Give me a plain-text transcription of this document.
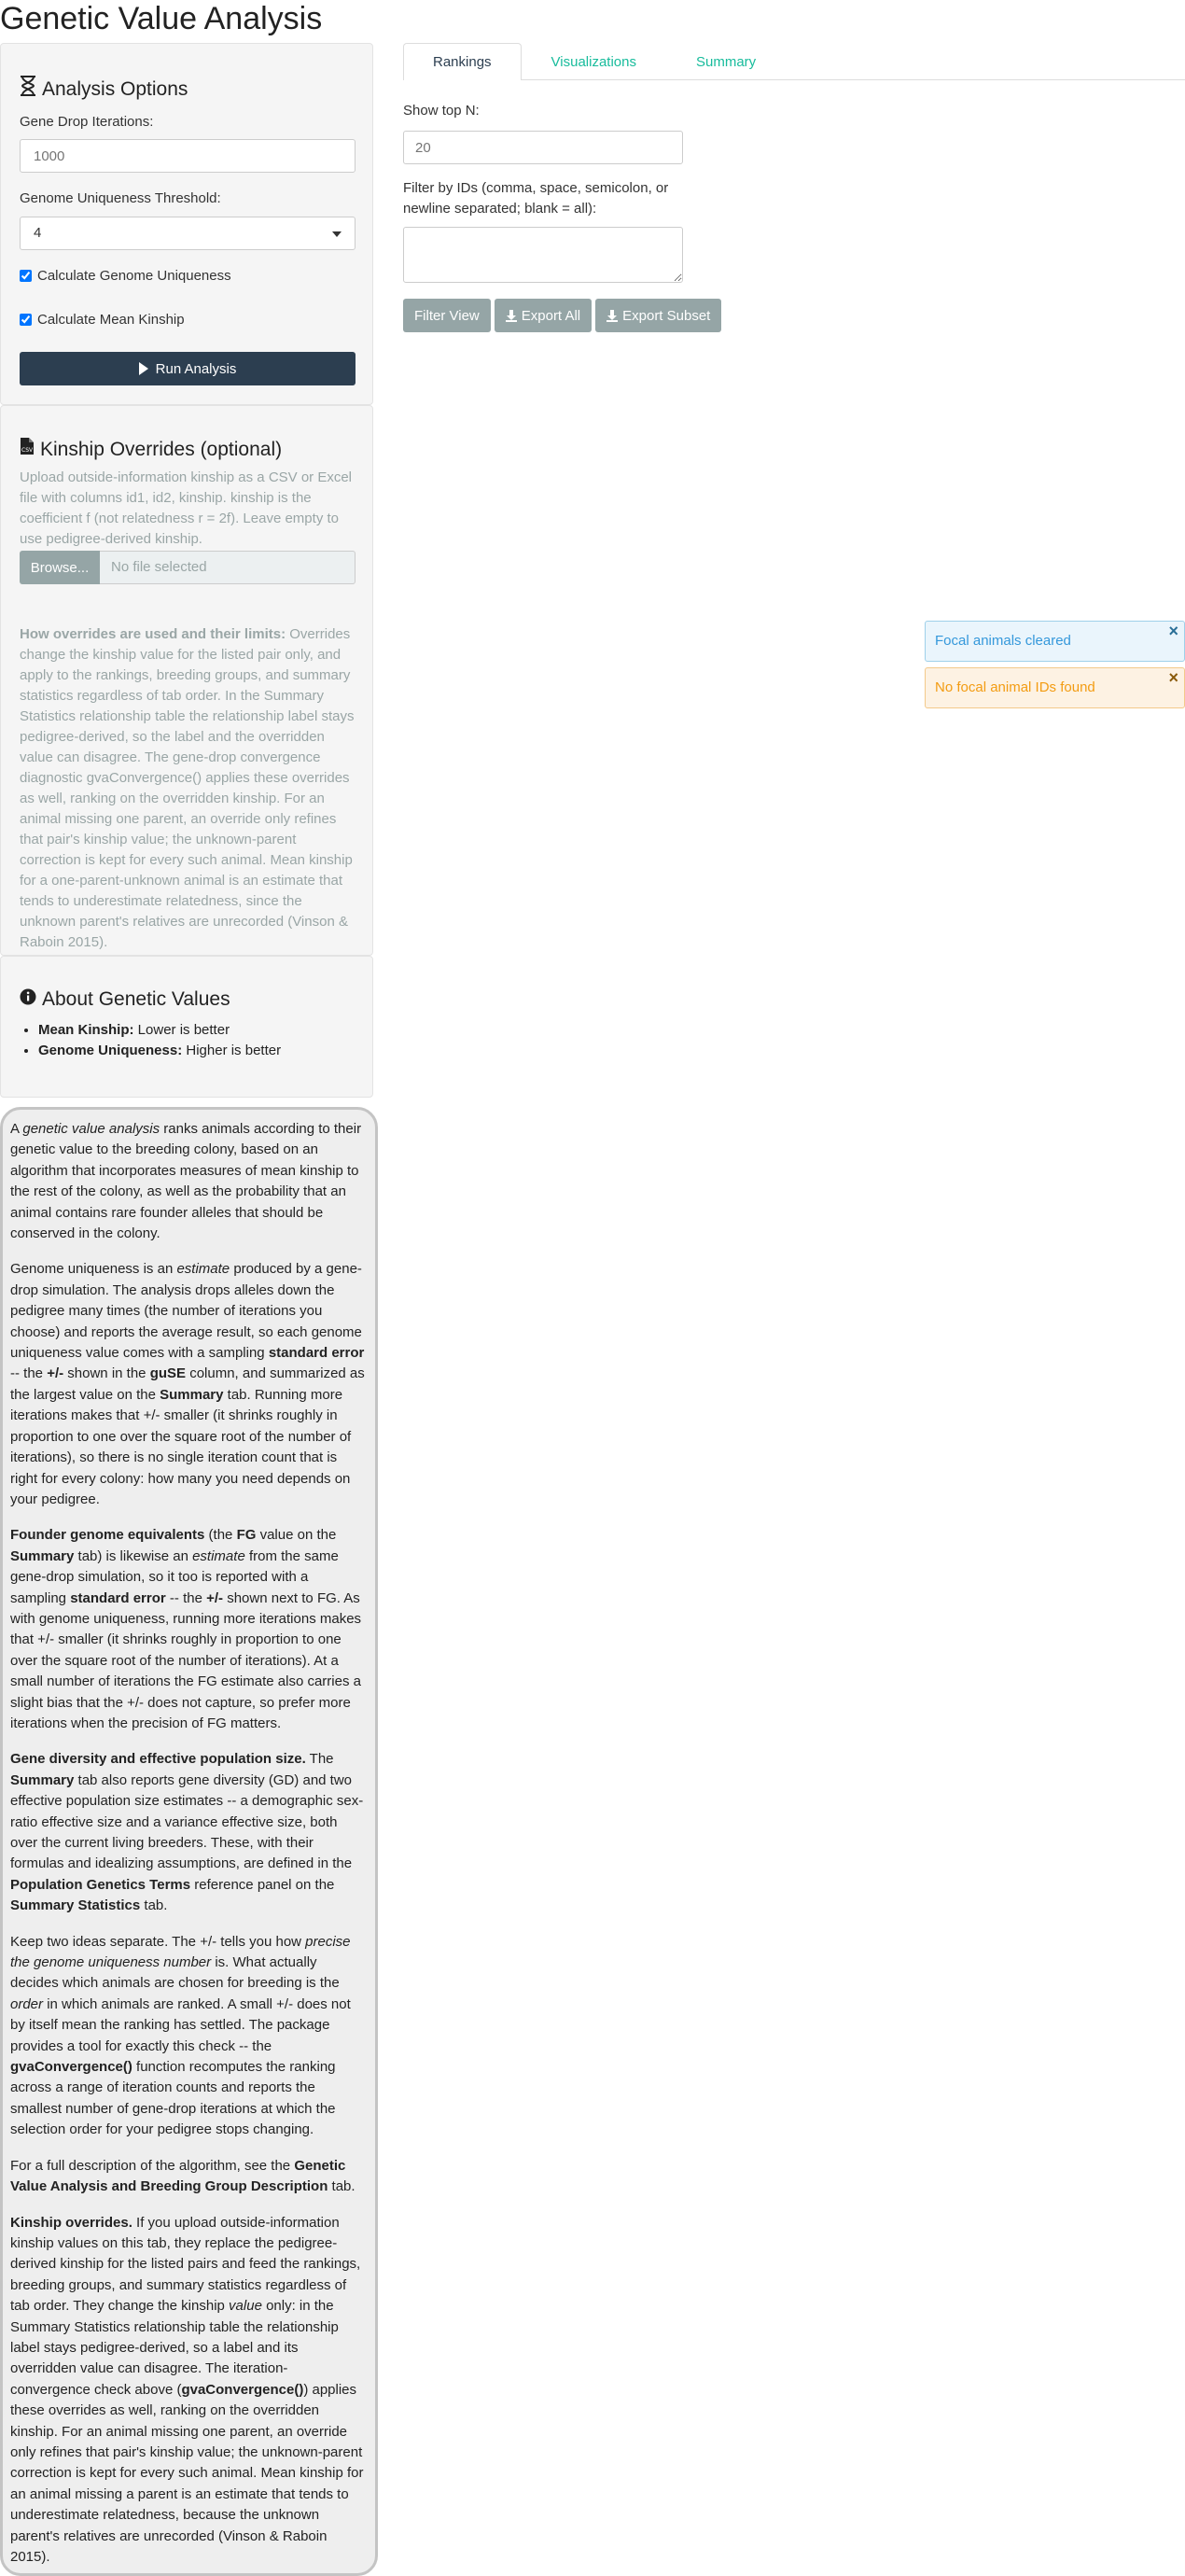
Genetic Value Analysis
Analysis Options
Gene Drop Iterations:
1000
Genome Uniqueness Threshold:
4
Calculate Genome Uniqueness
Calculate Mean Kinship
Run Analysis
CSV Kinship Overrides (optional)
Upload outside-information kinship as a CSV or Excel file with columns id1, id2, kinship. kinship is the coefficient f (not relatedness r = 2f). Leave empty to use pedigree-derived kinship.
Browse...	No file selected
How overrides are used and their limits: Overrides change the kinship value for the listed pair only, and apply to the rankings, breeding groups, and summary statistics regardless of tab order. In the Summary Statistics relationship table the relationship label stays pedigree-derived, so the label and the overridden value can disagree. The gene-drop convergence diagnostic gvaConvergence() applies these overrides as well, ranking on the overridden kinship. For an animal missing one parent, an override only refines that pair's kinship value; the unknown-parent correction is kept for every such animal. Mean kinship for a one-parent-unknown animal is an estimate that tends to underestimate relatedness, since the unknown parent's relatives are unrecorded (Vinson & Raboin 2015).
About Genetic Values
• Mean Kinship: Lower is better
• Genome Uniqueness: Higher is better

A genetic value analysis ranks animals according to their genetic value to the breeding colony, based on an algorithm that incorporates measures of mean kinship to the rest of the colony, as well as the probability that an animal contains rare founder alleles that should be conserved in the colony.

Genome uniqueness is an estimate produced by a gene-drop simulation. The analysis drops alleles down the pedigree many times (the number of iterations you choose) and reports the average result, so each genome uniqueness value comes with a sampling standard error -- the +/- shown in the guSE column, and summarized as the largest value on the Summary tab. Running more iterations makes that +/- smaller (it shrinks roughly in proportion to one over the square root of the number of iterations), so there is no single iteration count that is right for every colony: how many you need depends on your pedigree.

Founder genome equivalents (the FG value on the Summary tab) is likewise an estimate from the same gene-drop simulation, so it too is reported with a sampling standard error -- the +/- shown next to FG. As with genome uniqueness, running more iterations makes that +/- smaller (it shrinks roughly in proportion to one over the square root of the number of iterations). At a small number of iterations the FG estimate also carries a slight bias that the +/- does not capture, so prefer more iterations when the precision of FG matters.

Gene diversity and effective population size. The Summary tab also reports gene diversity (GD) and two effective population size estimates -- a demographic sex-ratio effective size and a variance effective size, both over the current living breeders. These, with their formulas and idealizing assumptions, are defined in the Population Genetics Terms reference panel on the Summary Statistics tab.

Keep two ideas separate. The +/- tells you how precise the genome uniqueness number is. What actually decides which animals are chosen for breeding is the order in which animals are ranked. A small +/- does not by itself mean the ranking has settled. The package provides a tool for exactly this check -- the gvaConvergence() function recomputes the ranking across a range of iteration counts and reports the smallest number of gene-drop iterations at which the selection order for your pedigree stops changing.

For a full description of the algorithm, see the Genetic Value Analysis and Breeding Group Description tab.

Kinship overrides. If you upload outside-information kinship values on this tab, they replace the pedigree-derived kinship for the listed pairs and feed the rankings, breeding groups, and summary statistics regardless of tab order. They change the kinship value only: in the Summary Statistics relationship table the relationship label stays pedigree-derived, so a label and its overridden value can disagree. The iteration-convergence check above (gvaConvergence()) applies these overrides as well, ranking on the overridden kinship. For an animal missing one parent, an override only refines that pair's kinship value; the unknown-parent correction is kept for every such animal. Mean kinship for an animal missing a parent is an estimate that tends to underestimate relatedness, because the unknown parent's relatives are unrecorded (Vinson & Raboin 2015).

Rankings	Visualizations	Summary
Show top N:
20
Filter by IDs (comma, space, semicolon, or newline separated; blank = all):
Filter View	Export All	Export Subset
Focal animals cleared
×
No focal animal IDs found
×
